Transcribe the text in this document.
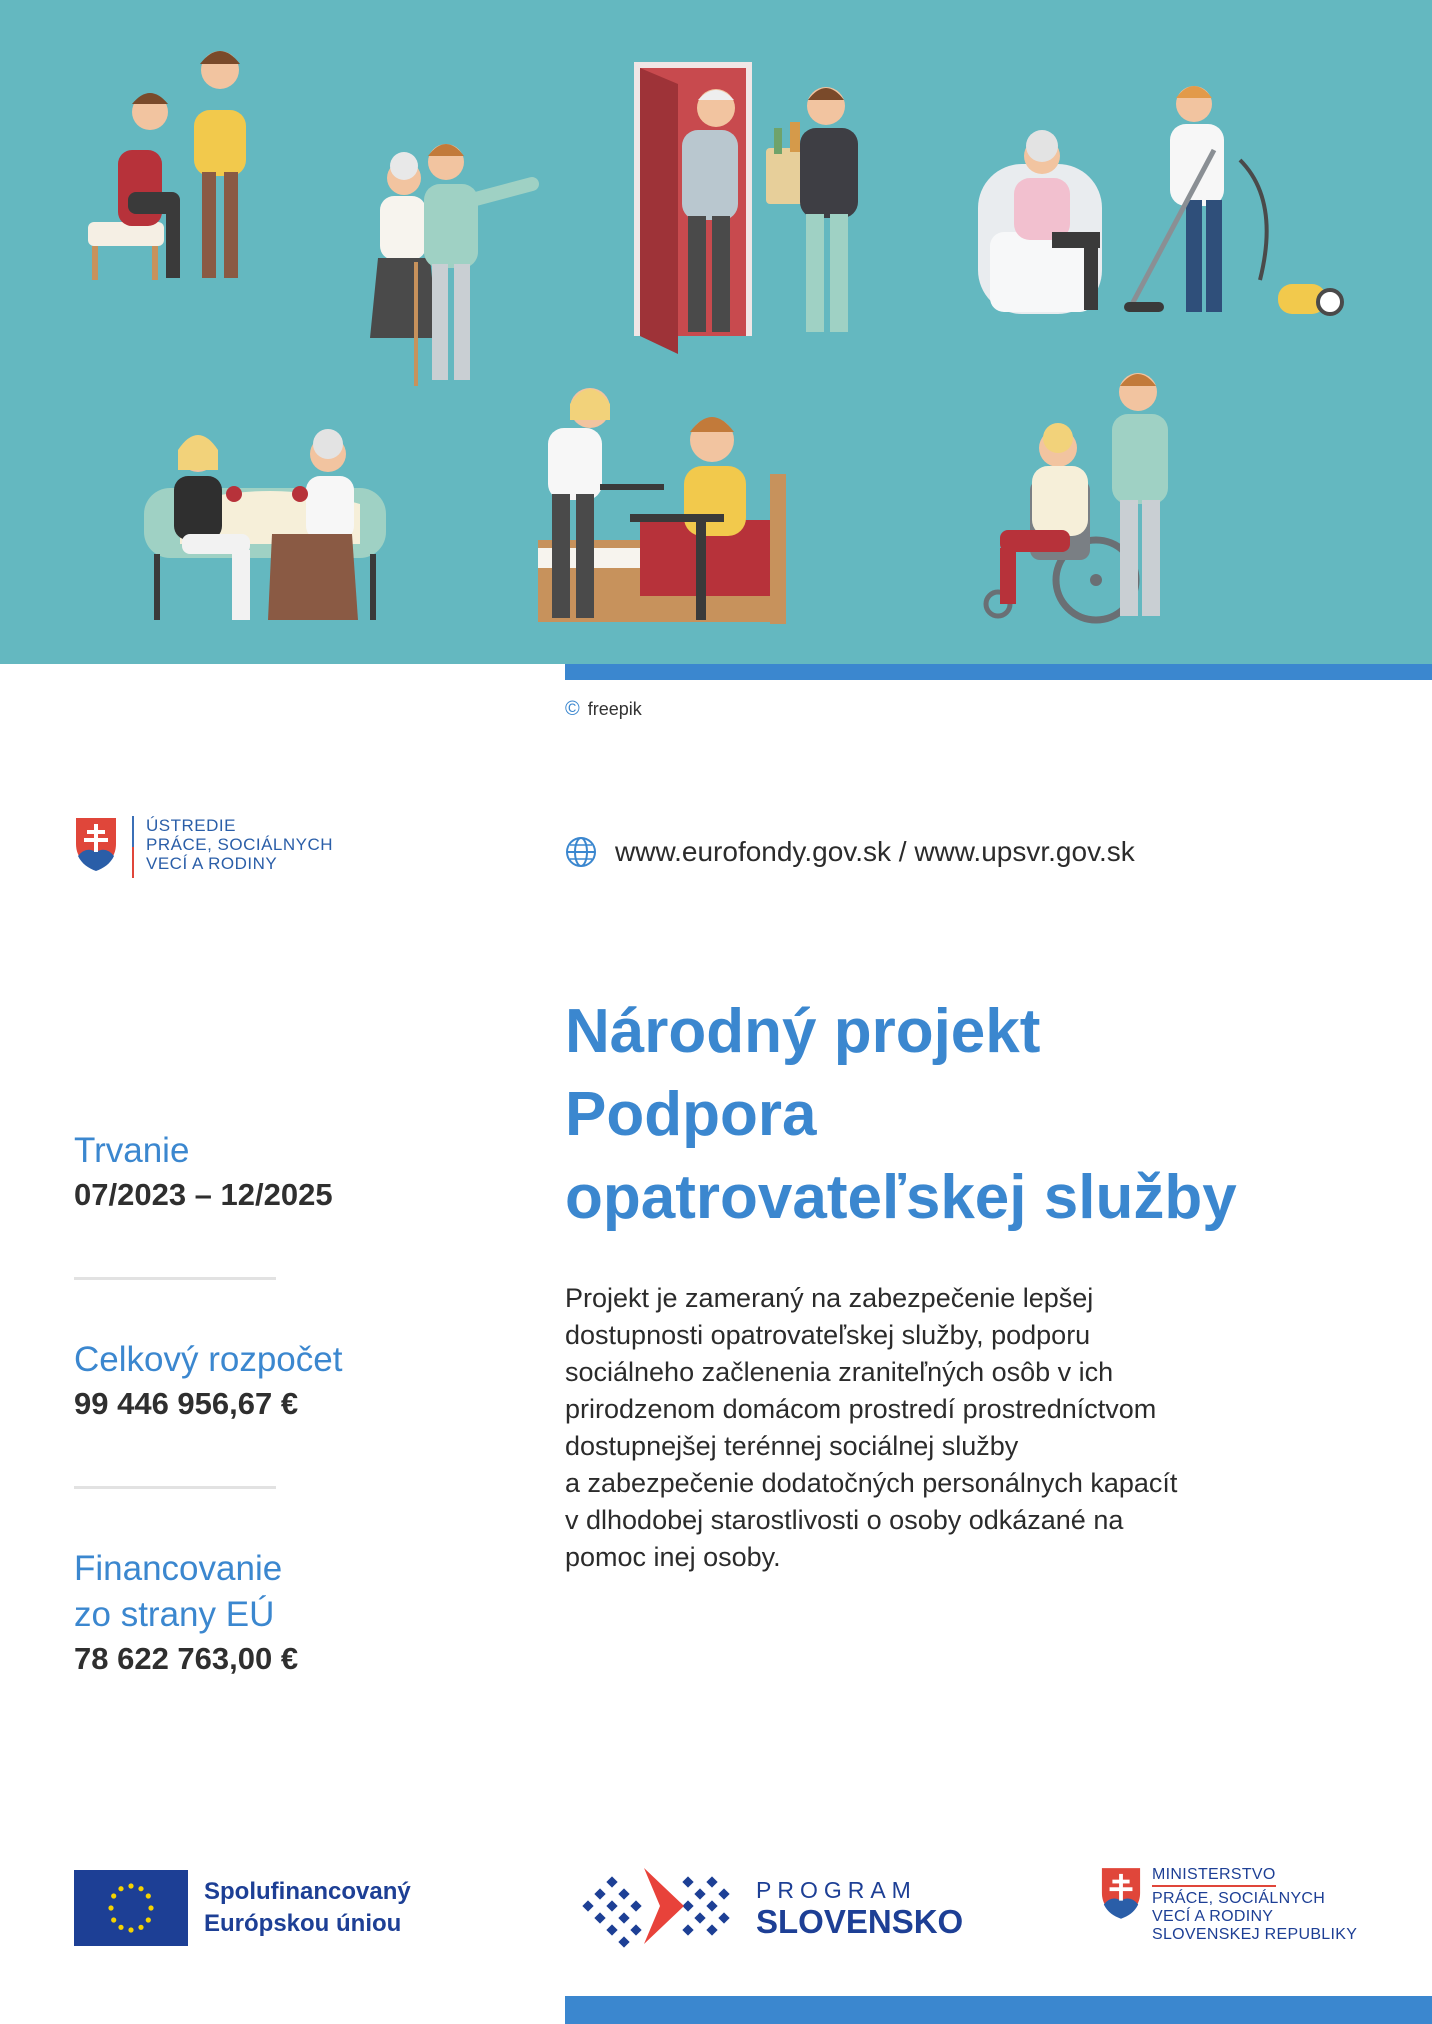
© freepik
ÚSTREDIE
PRÁCE, SOCIÁLNYCH
VECÍ A RODINY	www.eurofondy.gov.sk / www.upsvr.gov.sk
Trvanie
07/2023 – 12/2025
Celkový rozpočet
99 446 956,67 €
Financovanie
zo strany EÚ
78 622 763,00 €
Národný projekt
Podpora
opatrovateľskej služby

Projekt je zameraný na zabezpečenie lepšej
dostupnosti opatrovateľskej služby, podporu
sociálneho začlenenia zraniteľných osôb v ich
prirodzenom domácom prostredí prostredníctvom
dostupnejšej terénnej sociálnej služby
a zabezpečenie dodatočných personálnych kapacít
v dlhodobej starostlivosti o osoby odkázané na
pomoc inej osoby.

Spolufinancovaný
Európskou úniou
PROGRAM
SLOVENSKO
MINISTERSTVO
PRÁCE, SOCIÁLNYCH
VECÍ A RODINY
SLOVENSKEJ REPUBLIKY
